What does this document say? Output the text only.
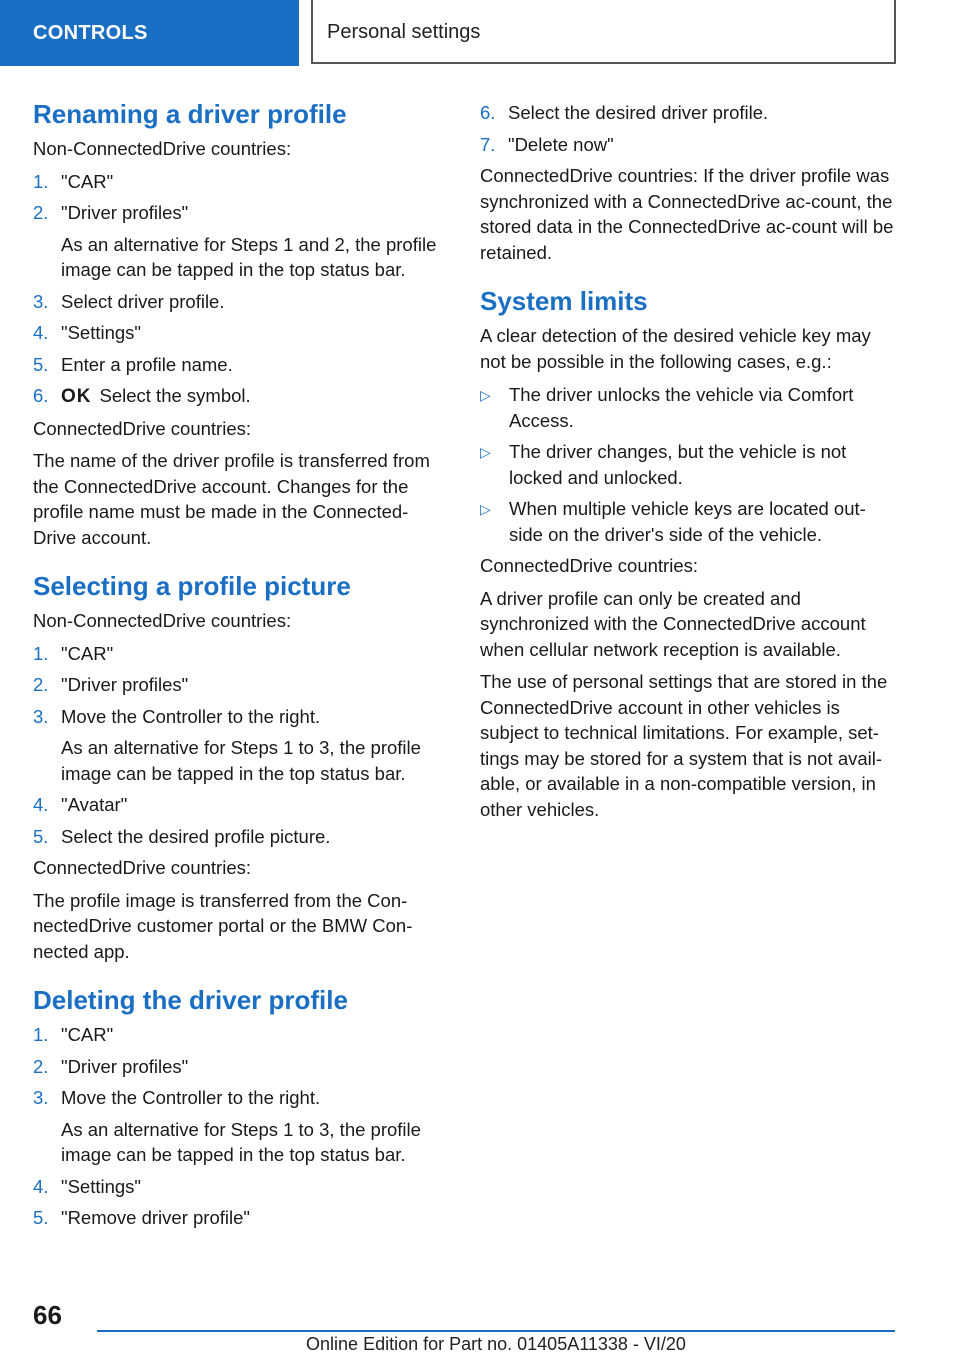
CONTROLS	Personal settings
Renaming a driver profile

Non-ConnectedDrive countries:

1. "CAR"
2. "Driver profiles"
As an alternative for Steps 1 and 2, the profile image can be tapped in the top status bar.
3. Select driver profile.
4. "Settings"
5. Enter a profile name.
6. OK Select the symbol.

ConnectedDrive countries:

The name of the driver profile is transferred from the ConnectedDrive account. Changes for the profile name must be made in the Connected-Drive account.

Selecting a profile picture

Non-ConnectedDrive countries:

1. "CAR"
2. "Driver profiles"
3. Move the Controller to the right.
As an alternative for Steps 1 to 3, the profile image can be tapped in the top status bar.
4. "Avatar"
5. Select the desired profile picture.

ConnectedDrive countries:

The profile image is transferred from the Con-nectedDrive customer portal or the BMW Con-nected app.

Deleting the driver profile
1. "CAR"
2. "Driver profiles"
3. Move the Controller to the right.
As an alternative for Steps 1 to 3, the profile image can be tapped in the top status bar.
4. "Settings"
5. "Remove driver profile"
6. Select the desired driver profile.
7. "Delete now"

ConnectedDrive countries: If the driver profile was synchronized with a ConnectedDrive ac-count, the stored data in the ConnectedDrive ac-count will be retained.

System limits

A clear detection of the desired vehicle key may not be possible in the following cases, e.g.:

▷ The driver unlocks the vehicle via Comfort Access.
▷ The driver changes, but the vehicle is not locked and unlocked.
▷ When multiple vehicle keys are located out-side on the driver's side of the vehicle.

ConnectedDrive countries:

A driver profile can only be created and synchronized with the ConnectedDrive account when cellular network reception is available.

The use of personal settings that are stored in the ConnectedDrive account in other vehicles is subject to technical limitations. For example, set-tings may be stored for a system that is not avail-able, or available in a non-compatible version, in other vehicles.

66
Online Edition for Part no. 01405A11338 - VI/20
